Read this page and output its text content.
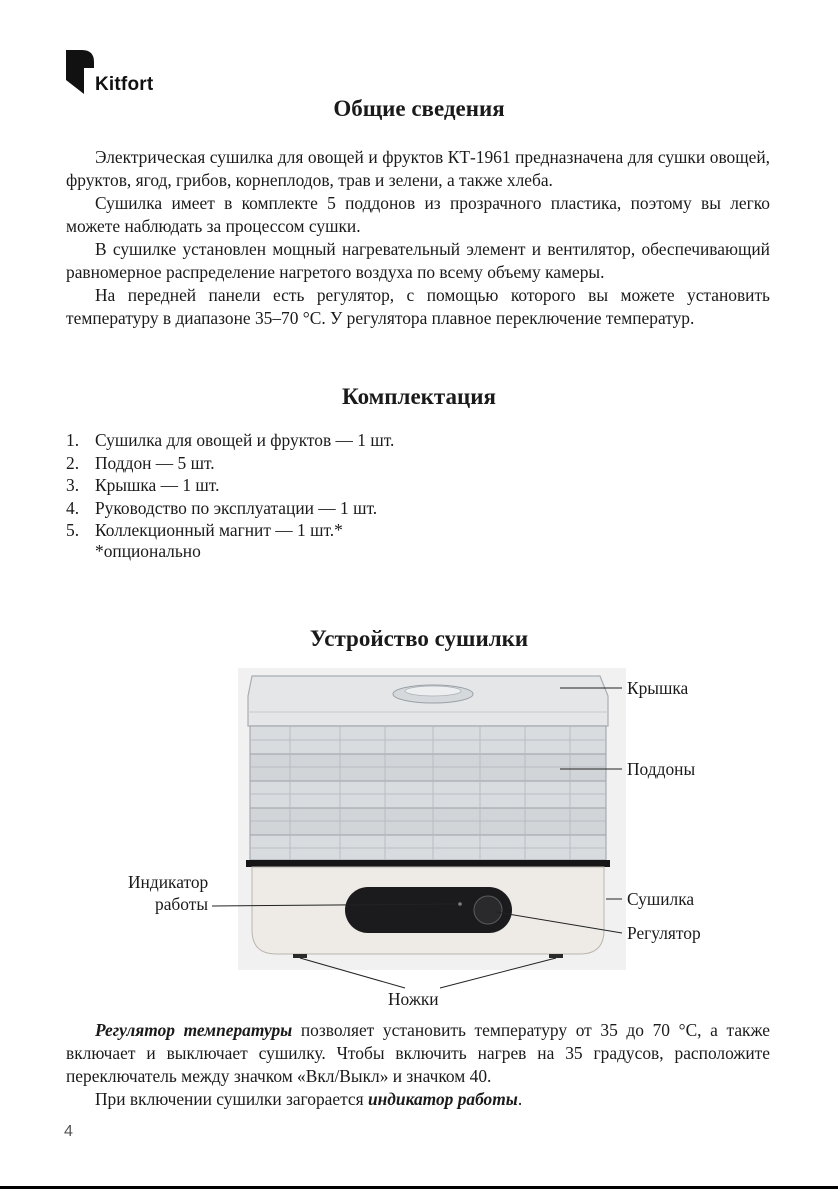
Kitfort
Общие сведения

Электрическая сушилка для овощей и фруктов КТ-1961 предназначена для сушки овощей, фруктов, ягод, грибов, корнеплодов, трав и зелени, а также хлеба.

Сушилка имеет в комплекте 5 поддонов из прозрачного пластика, поэтому вы легко можете наблюдать за процессом сушки.

В сушилке установлен мощный нагревательный элемент и вентилятор, обеспечивающий равномерное распределение нагретого воздуха по всему объему камеры.

На передней панели есть регулятор, с помощью которого вы можете установить температуру в диапазоне 35–70 °С. У регулятора плавное переключение температур.

Комплектация
1. Сушилка для овощей и фруктов — 1 шт.
2. Поддон — 5 шт.
3. Крышка — 1 шт.
4. Руководство по эксплуатации — 1 шт.
5. Коллекционный магнит — 1 шт.*
*опционально
Устройство сушилки
Крышка
Поддоны
Индикатор
работы	Сушилка
Регулятор
Ножки

Регулятор температуры позволяет установить температуру от 35 до 70 °С, а также включает и выключает сушилку. Чтобы включить нагрев на 35 градусов, расположите переключатель между значком «Вкл/Выкл» и значком 40.

При включении сушилки загорается индикатор работы.

4
